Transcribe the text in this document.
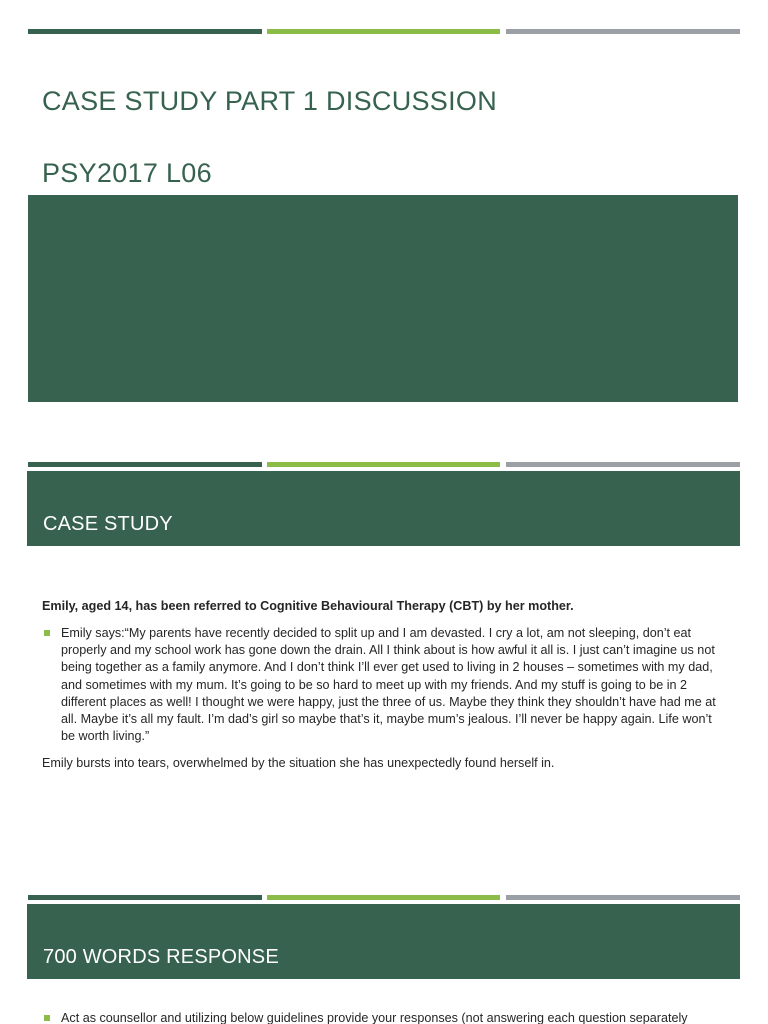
CASE STUDY PART 1 DISCUSSION
PSY2017 L06
CASE STUDY
Emily, aged 14, has been referred to Cognitive Behavioural Therapy (CBT) by her mother.
Emily says:“My parents have recently decided to split up and I am devasted. I cry a lot, am not sleeping, don’t eat properly and my school work has gone down the drain. All I think about is how awful it all is. I just can’t imagine us not being together as a family anymore. And I don’t think I’ll ever get used to living in 2 houses – sometimes with my dad, and sometimes with my mum. It’s going to be so hard to meet up with my friends. And my stuff is going to be in 2 different places as well! I thought we were happy, just the three of us. Maybe they think they shouldn’t have had me at all. Maybe it’s all my fault. I’m dad’s girl so maybe that’s it, maybe mum’s jealous. I’ll never be happy again. Life won’t be worth living.”
Emily bursts into tears, overwhelmed by the situation she has unexpectedly found herself in.
700 WORDS RESPONSE
Act as counsellor and utilizing below guidelines provide your responses (not answering each question separately
